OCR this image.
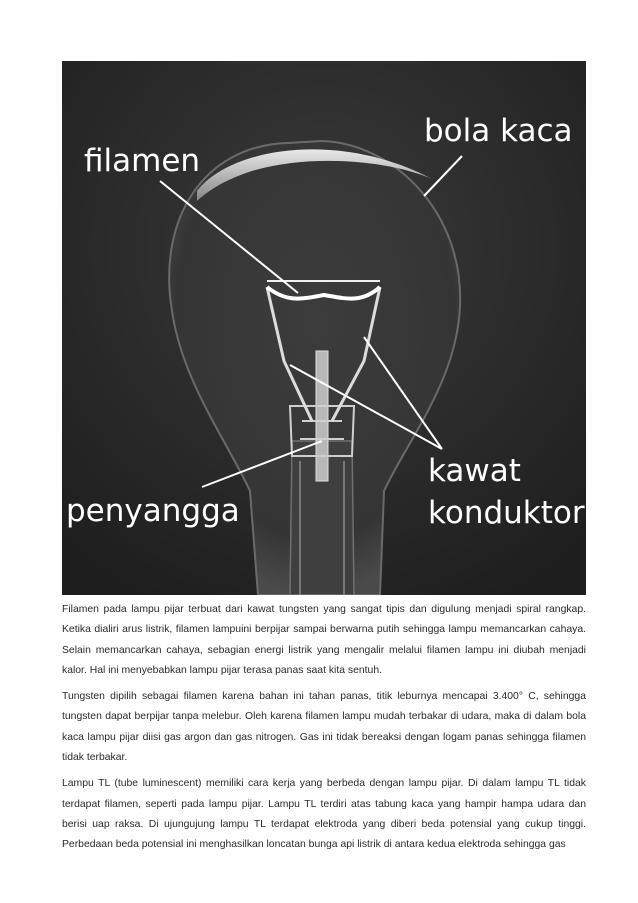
bola kaca
filamen
kawat
konduktor
penyangga

Filamen pada lampu pijar terbuat dari kawat tungsten yang sangat tipis dan digulung menjadi spiral rangkap. Ketika dialiri arus listrik, filamen lampuini berpijar sampai berwarna putih sehingga lampu memancarkan cahaya. Selain memancarkan cahaya, sebagian energi listrik yang mengalir melalui filamen lampu ini diubah menjadi kalor. Hal ini menyebabkan lampu pijar terasa panas saat kita sentuh.

Tungsten dipilih sebagai filamen karena bahan ini tahan panas, titik leburnya mencapai 3.400° C, sehingga tungsten dapat berpijar tanpa melebur. Oleh karena filamen lampu mudah terbakar di udara, maka di dalam bola kaca lampu pijar diisi gas argon dan gas nitrogen. Gas ini tidak bereaksi dengan logam panas sehingga filamen tidak terbakar.

Lampu TL (tube luminescent) memiliki cara kerja yang berbeda dengan lampu pijar. Di dalam lampu TL tidak terdapat filamen, seperti pada lampu pijar. Lampu TL terdiri atas tabung kaca yang hampir hampa udara dan berisi uap raksa. Di ujungujung lampu TL terdapat elektroda yang diberi beda potensial yang cukup tinggi. Perbedaan beda potensial ini menghasilkan loncatan bunga api listrik di antara kedua elektroda sehingga gas
